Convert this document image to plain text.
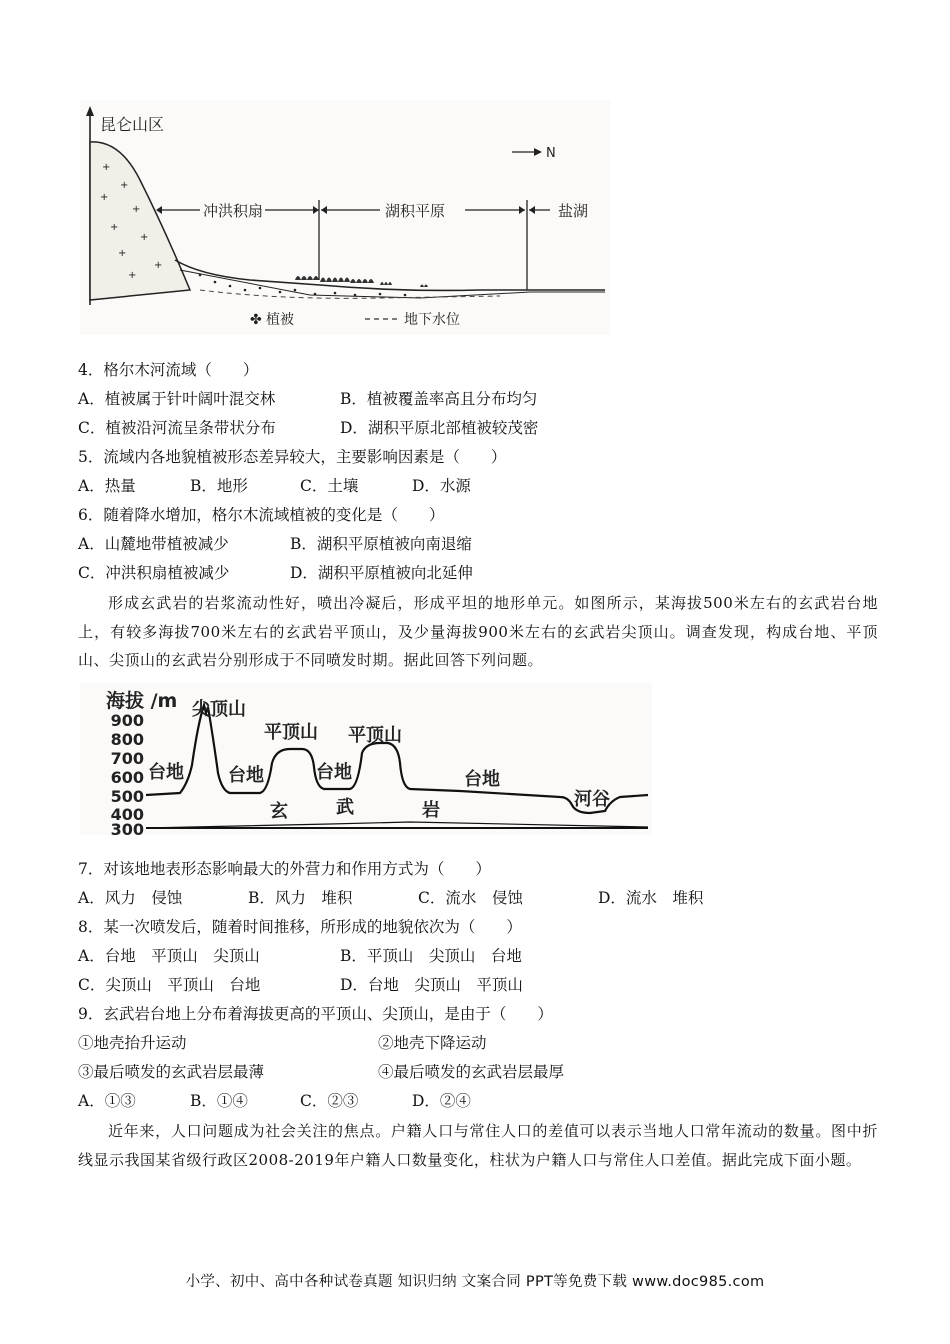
昆仑山区
+
+
+
+
+
+
+
+
+
冲洪积扇	湖积平原	盐湖
N
✤ 植被	地下水位
4．格尔木河流域（　　）
A．植被属于针叶阔叶混交林	B．植被覆盖率高且分布均匀
C．植被沿河流呈条带状分布	D．湖积平原北部植被较茂密
5．流域内各地貌植被形态差异较大，主要影响因素是（　　）
A．热量	B．地形	C．土壤	D．水源
6．随着降水增加，格尔木流域植被的变化是（　　）
A．山麓地带植被减少	B．湖积平原植被向南退缩
C．冲洪积扇植被减少	D．湖积平原植被向北延伸
形成玄武岩的岩浆流动性好，喷出冷凝后，形成平坦的地形单元。如图所示，某海拔500米左右的玄武岩台地上，有较多海拔700米左右的玄武岩平顶山，及少量海拔900米左右的玄武岩尖顶山。调查发现，构成台地、平顶山、尖顶山的玄武岩分别形成于不同喷发时期。据此回答下列问题。
海拔 /m
900
800
700
600
500
400
300
尖顶山
平顶山 平顶山
台地 台地	台地	台地
河谷
玄	武	岩
7．对该地地表形态影响最大的外营力和作用方式为（　　）
A．风力　侵蚀	B．风力　堆积	C．流水　侵蚀	D．流水　堆积
8．某一次喷发后，随着时间推移，所形成的地貌依次为（　　）
A．台地　平顶山　尖顶山	B．平顶山　尖顶山　台地
C．尖顶山　平顶山　台地	D．台地　尖顶山　平顶山
9．玄武岩台地上分布着海拔更高的平顶山、尖顶山，是由于（　　）
①地壳抬升运动	②地壳下降运动
③最后喷发的玄武岩层最薄	④最后喷发的玄武岩层最厚
A．①③	B．①④	C．②③	D．②④
近年来，人口问题成为社会关注的焦点。户籍人口与常住人口的差值可以表示当地人口常年流动的数量。图中折线显示我国某省级行政区2008-2019年户籍人口数量变化，柱状为户籍人口与常住人口差值。据此完成下面小题。
小学、初中、高中各种试卷真题 知识归纳 文案合同 PPT等免费下载 www.doc985.com
